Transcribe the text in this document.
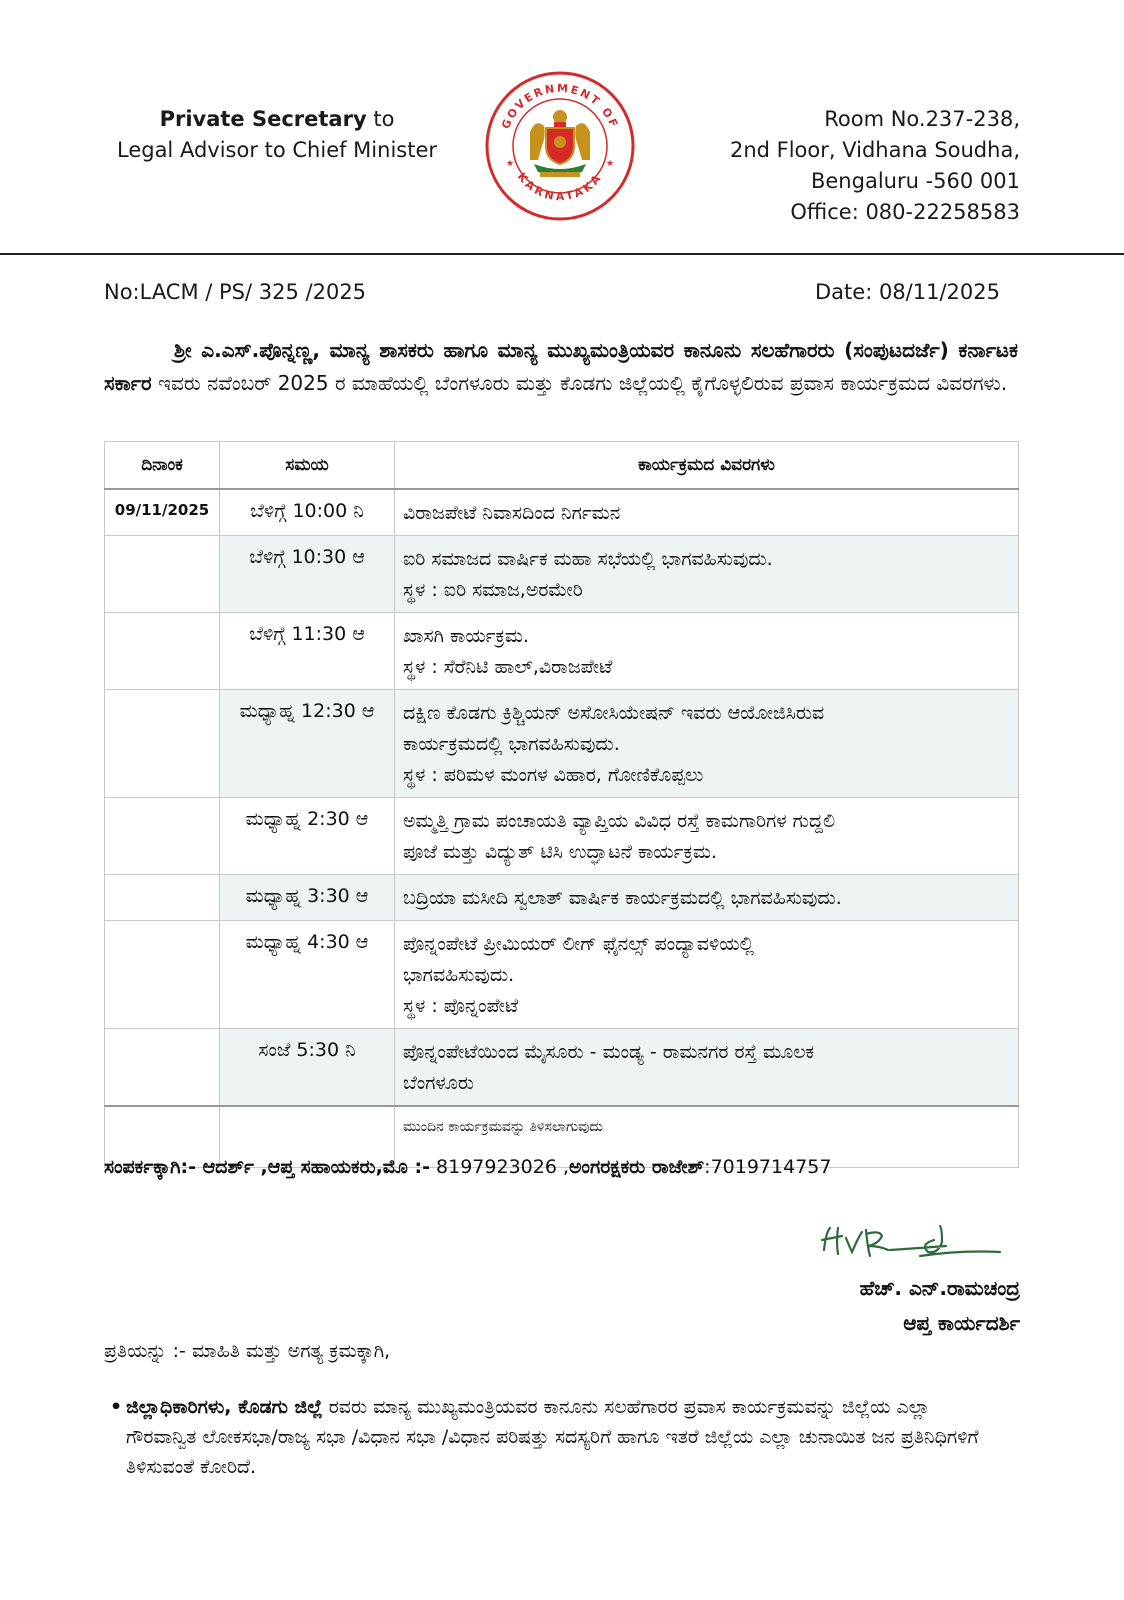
Private Secretary to
Legal Advisor to Chief Minister
GOVERNMENT OF
KARNATAKA
★	★
Room No.237-238,
2nd Floor, Vidhana Soudha,
Bengaluru -560 001
Office: 080-22258583
No:LACM / PS/ 325 /2025	Date: 08/11/2025
ಶ್ರೀ ಎ.ಎಸ್.ಪೊನ್ನಣ್ಣ, ಮಾನ್ಯ ಶಾಸಕರು ಹಾಗೂ ಮಾನ್ಯ ಮುಖ್ಯಮಂತ್ರಿಯವರ ಕಾನೂನು ಸಲಹೆಗಾರರು (ಸಂಪುಟದರ್ಜೆ) ಕರ್ನಾಟಕ ಸರ್ಕಾರ ಇವರು ನವೆಂಬರ್ 2025 ರ ಮಾಹೆಯಲ್ಲಿ ಬೆಂಗಳೂರು ಮತ್ತು ಕೊಡಗು ಜಿಲ್ಲೆಯಲ್ಲಿ ಕೈಗೊಳ್ಳಲಿರುವ ಪ್ರವಾಸ ಕಾರ್ಯಕ್ರಮದ ವಿವರಗಳು.
ದಿನಾಂಕ	ಸಮಯ	ಕಾರ್ಯಕ್ರಮದ ವಿವರಗಳು
09/11/2025	ಬೆಳಿಗ್ಗೆ 10:00 ನಿ	ವಿರಾಜಪೇಟೆ ನಿವಾಸದಿಂದ ನಿರ್ಗಮನ

	ಬೆಳಿಗ್ಗೆ 10:30 ಆ	ಐರಿ ಸಮಾಜದ ವಾರ್ಷಿಕ ಮಹಾ ಸಭೆಯಲ್ಲಿ ಭಾಗವಹಿಸುವುದು.
ಸ್ಥಳ : ಐರಿ ಸಮಾಜ,ಅರಮೇರಿ

	ಬೆಳಿಗ್ಗೆ 11:30 ಆ	ಖಾಸಗಿ ಕಾರ್ಯಕ್ರಮ.
ಸ್ಥಳ : ಸೆರೆನಿಟಿ ಹಾಲ್,ವಿರಾಜಪೇಟೆ

	ಮಧ್ಯಾಹ್ನ 12:30 ಆ	ದಕ್ಷಿಣ ಕೊಡಗು ಕ್ರಿಶ್ಚಿಯನ್ ಅಸೋಸಿಯೇಷನ್ ಇವರು ಆಯೋಜಿಸಿರುವ
ಕಾರ್ಯಕ್ರಮದಲ್ಲಿ ಭಾಗವಹಿಸುವುದು.
ಸ್ಥಳ : ಪರಿಮಳ ಮಂಗಳ ವಿಹಾರ, ಗೋಣಿಕೊಪ್ಪಲು

	ಮಧ್ಯಾಹ್ನ 2:30 ಆ	ಅಮ್ಮತ್ತಿ ಗ್ರಾಮ ಪಂಚಾಯತಿ ವ್ಯಾಪ್ತಿಯ ವಿವಿಧ ರಸ್ತೆ ಕಾಮಗಾರಿಗಳ ಗುದ್ದಲಿ
ಪೂಜೆ ಮತ್ತು ವಿದ್ಯುತ್ ಟಿಸಿ ಉದ್ಘಾಟನೆ ಕಾರ್ಯಕ್ರಮ.

	ಮಧ್ಯಾಹ್ನ 3:30 ಆ	ಬದ್ರಿಯಾ ಮಸೀದಿ ಸ್ವಲಾತ್ ವಾರ್ಷಿಕ ಕಾರ್ಯಕ್ರಮದಲ್ಲಿ ಭಾಗವಹಿಸುವುದು.

	ಮಧ್ಯಾಹ್ನ 4:30 ಆ	ಪೊನ್ನಂಪೇಟೆ ಪ್ರೀಮಿಯರ್ ಲೀಗ್ ಫೈನಲ್ಸ್ ಪಂದ್ಯಾವಳಿಯಲ್ಲಿ
ಭಾಗವಹಿಸುವುದು.
ಸ್ಥಳ : ಪೊನ್ನಂಪೇಟೆ

	ಸಂಜೆ 5:30 ನಿ	ಪೊನ್ನಂಪೇಟೆಯಿಂದ ಮೈಸೂರು - ಮಂಡ್ಯ - ರಾಮನಗರ ರಸ್ತೆ ಮೂಲಕ
ಬೆಂಗಳೂರು

		ಮುಂದಿನ ಕಾರ್ಯಕ್ರಮವನ್ನು ತಿಳಿಸಲಾಗುವುದು
ಸಂಪರ್ಕಕ್ಕಾಗಿ:- ಆದರ್ಶ್ ,ಆಪ್ತ ಸಹಾಯಕರು,ಮೊ :- 8197923026 ,ಅಂಗರಕ್ಷಕರು ರಾಜೇಶ್:7019714757
ಹೆಚ್. ಎನ್.ರಾಮಚಂದ್ರ
ಆಪ್ತ ಕಾರ್ಯದರ್ಶಿ
ಪ್ರತಿಯನ್ನು :- ಮಾಹಿತಿ ಮತ್ತು ಅಗತ್ಯ ಕ್ರಮಕ್ಕಾಗಿ,
• ಜಿಲ್ಲಾಧಿಕಾರಿಗಳು, ಕೊಡಗು ಜಿಲ್ಲೆ ರವರು ಮಾನ್ಯ ಮುಖ್ಯಮಂತ್ರಿಯವರ ಕಾನೂನು ಸಲಹೆಗಾರರ ಪ್ರವಾಸ ಕಾರ್ಯಕ್ರಮವನ್ನು ಜಿಲ್ಲೆಯ ಎಲ್ಲಾ ಗೌರವಾನ್ವಿತ ಲೋಕಸಭಾ/ರಾಜ್ಯ ಸಭಾ /ವಿಧಾನ ಸಭಾ /ವಿಧಾನ ಪರಿಷತ್ತು ಸದಸ್ಯರಿಗೆ ಹಾಗೂ ಇತರೆ ಜಿಲ್ಲೆಯ ಎಲ್ಲಾ ಚುನಾಯಿತ ಜನ ಪ್ರತಿನಿಧಿಗಳಿಗೆ ತಿಳಿಸುವಂತೆ ಕೋರಿದೆ.
